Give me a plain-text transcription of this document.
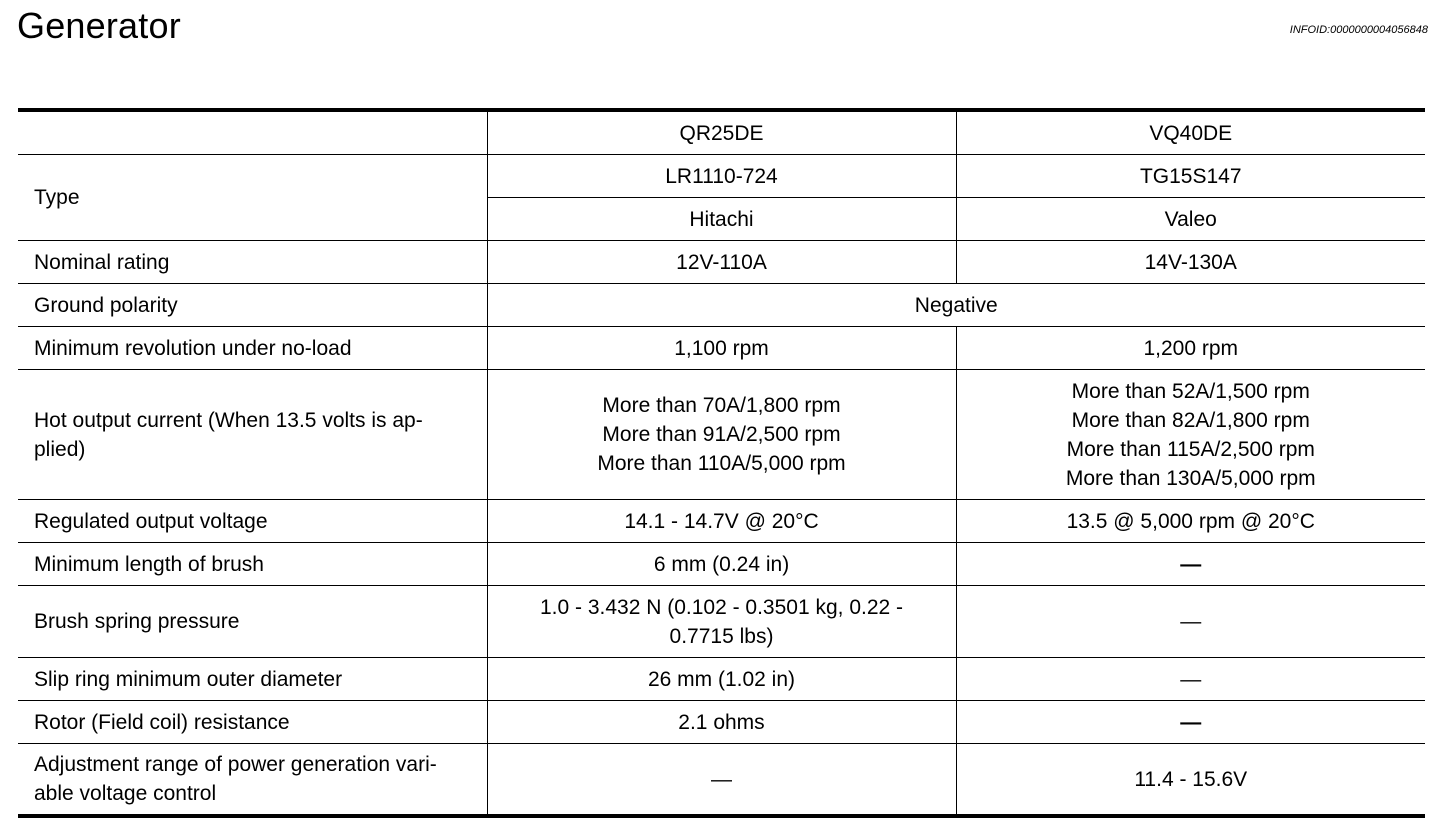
Generator	INFOID:0000000004056848
	QR25DE	VQ40DE
Type	LR1110-724	TG15S147
	Hitachi	Valeo
Nominal rating	12V-110A	14V-130A
Ground polarity	Negative	
Minimum revolution under no-load	1,100 rpm	1,200 rpm

Hot output current (When 13.5 volts is ap-
plied)	More than 70A/1,800 rpm
More than 91A/2,500 rpm
More than 110A/5,000 rpm	More than 52A/1,500 rpm
More than 82A/1,800 rpm
More than 115A/2,500 rpm
More than 130A/5,000 rpm

Regulated output voltage	14.1 - 14.7V @ 20°C	13.5 @ 5,000 rpm @ 20°C
Minimum length of brush	6 mm (0.24 in)	—
Brush spring pressure	1.0 - 3.432 N (0.102 - 0.3501 kg, 0.22 -
0.7715 lbs)	—
Slip ring minimum outer diameter	26 mm (1.02 in)	—
Rotor (Field coil) resistance	2.1 ohms	—

Adjustment range of power generation vari-
able voltage control	—	11.4 - 15.6V
